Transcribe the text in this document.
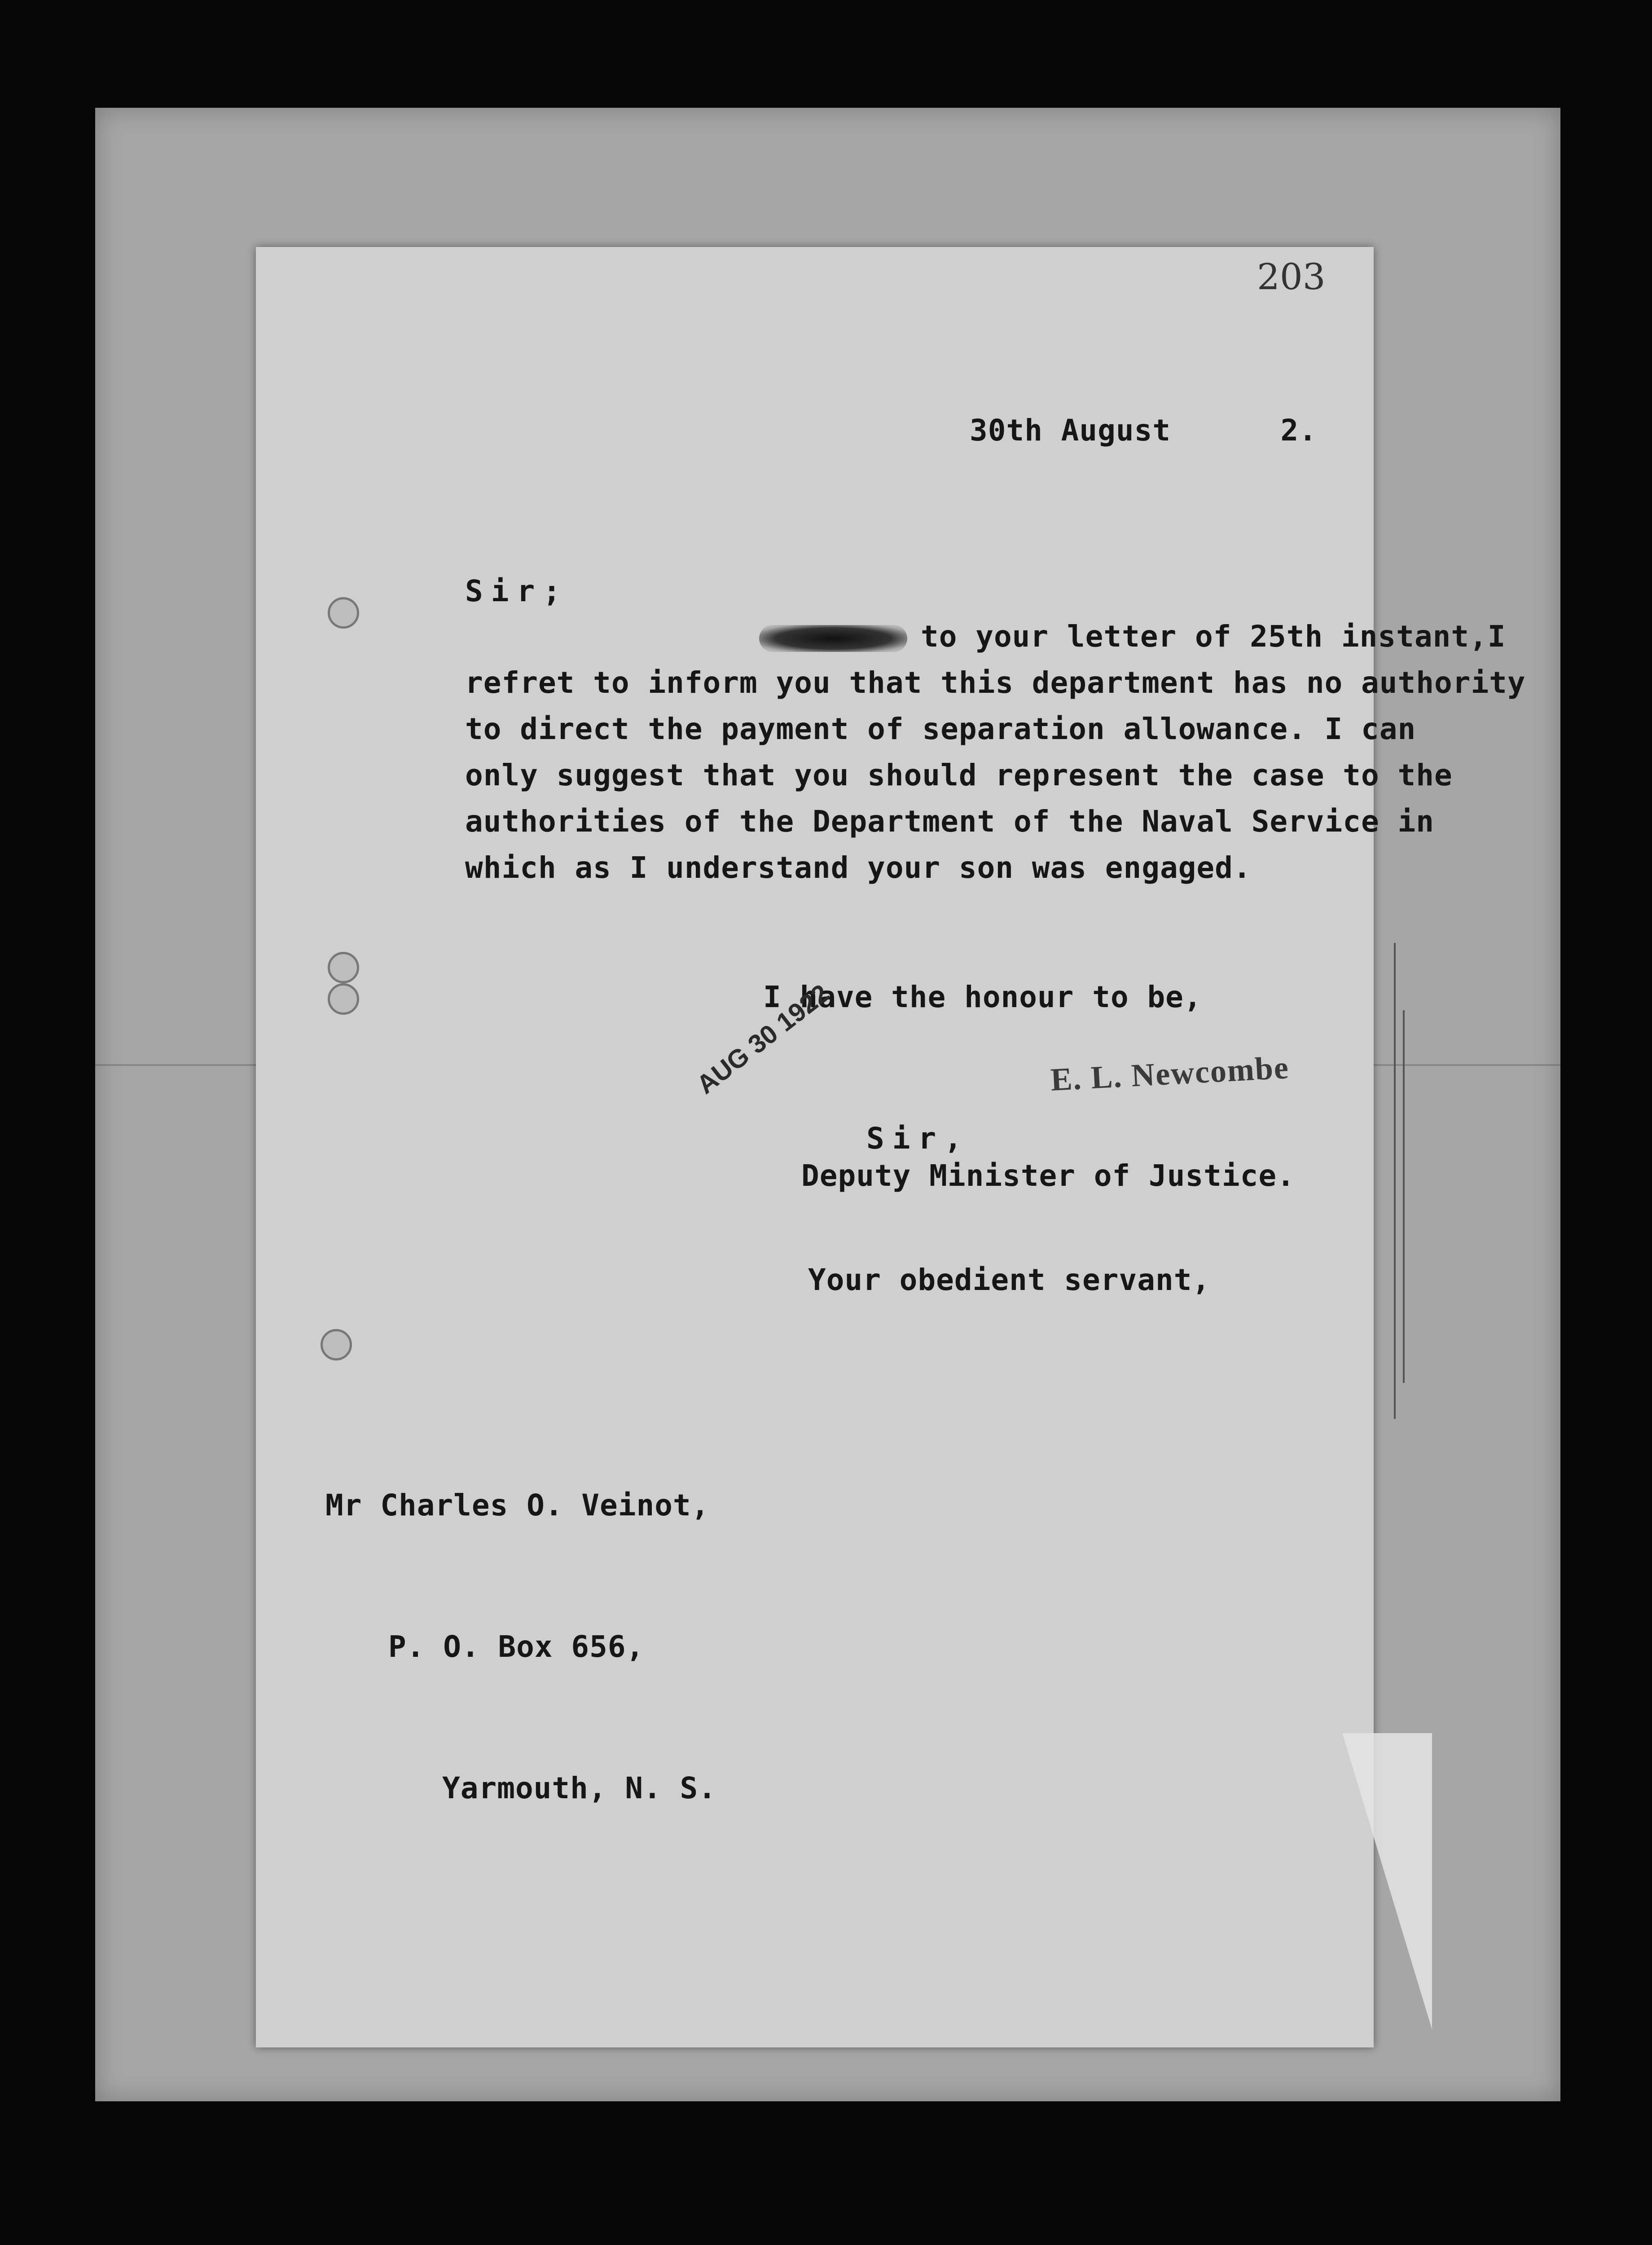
203
30th August      2.
Sir;

to your letter of 25th instant,I

refret to inform you that this department has no authority

to direct the payment of separation allowance. I can

only suggest that you should represent the case to the

authorities of the Department of the Naval Service in

which as I understand your son was engaged.

I have the honour to be,

Sir,

Your obedient servant,

E. L. Newcombe
AUG 30 1922
Deputy Minister of Justice.

Mr Charles O. Veinot,

P. O. Box 656,

Yarmouth, N. S.
